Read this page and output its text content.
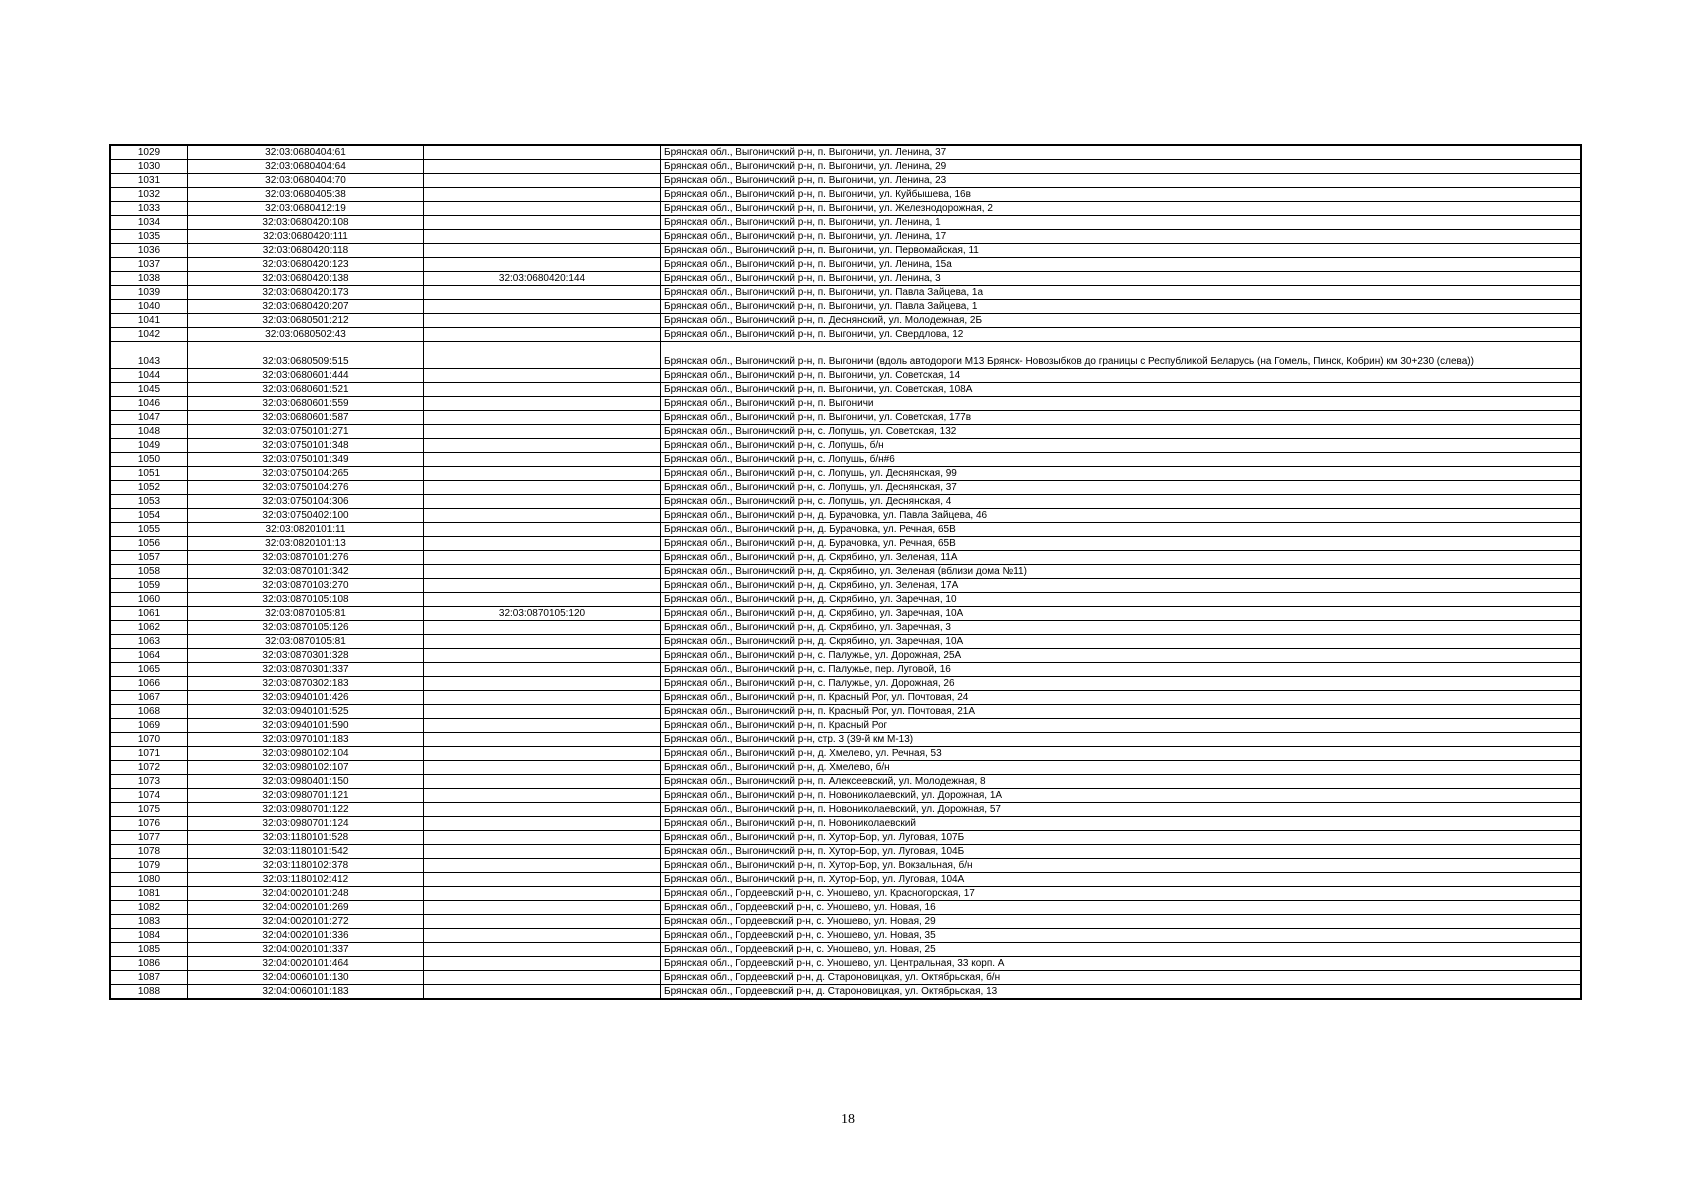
1029	32:03:0680404:61		Брянская обл., Выгоничский р-н, п. Выгоничи, ул. Ленина, 37
1030	32:03:0680404:64		Брянская обл., Выгоничский р-н, п. Выгоничи, ул. Ленина, 29
1031	32:03:0680404:70		Брянская обл., Выгоничский р-н, п. Выгоничи, ул. Ленина, 23
1032	32:03:0680405:38		Брянская обл., Выгоничский р-н, п. Выгоничи, ул. Куйбышева, 16в
1033	32:03:0680412:19		Брянская обл., Выгоничский р-н, п. Выгоничи, ул. Железнодорожная, 2
1034	32:03:0680420:108		Брянская обл., Выгоничский р-н, п. Выгоничи, ул. Ленина, 1
1035	32:03:0680420:111		Брянская обл., Выгоничский р-н, п. Выгоничи, ул. Ленина, 17
1036	32:03:0680420:118		Брянская обл., Выгоничский р-н, п. Выгоничи, ул. Первомайская, 11
1037	32:03:0680420:123		Брянская обл., Выгоничский р-н, п. Выгоничи, ул. Ленина, 15а
1038	32:03:0680420:138	32:03:0680420:144	Брянская обл., Выгоничский р-н, п. Выгоничи, ул. Ленина, 3
1039	32:03:0680420:173		Брянская обл., Выгоничский р-н, п. Выгоничи, ул. Павла Зайцева, 1а
1040	32:03:0680420:207		Брянская обл., Выгоничский р-н, п. Выгоничи, ул. Павла Зайцева, 1
1041	32:03:0680501:212		Брянская обл., Выгоничский р-н, п. Деснянский, ул. Молодежная, 2Б
1042	32:03:0680502:43		Брянская обл., Выгоничский р-н, п. Выгоничи, ул. Свердлова, 12
1043	32:03:0680509:515		Брянская обл., Выгоничский р-н, п. Выгоничи (вдоль автодороги М13 Брянск- Новозыбков до границы с Республикой Беларусь (на Гомель, Пинск, Кобрин) км 30+230 (слева))
1044	32:03:0680601:444		Брянская обл., Выгоничский р-н, п. Выгоничи, ул. Советская, 14
1045	32:03:0680601:521		Брянская обл., Выгоничский р-н, п. Выгоничи, ул. Советская, 108А
1046	32:03:0680601:559		Брянская обл., Выгоничский р-н, п. Выгоничи
1047	32:03:0680601:587		Брянская обл., Выгоничский р-н, п. Выгоничи, ул. Советская, 177в
1048	32:03:0750101:271		Брянская обл., Выгоничский р-н, с. Лопушь, ул. Советская, 132
1049	32:03:0750101:348		Брянская обл., Выгоничский р-н, с. Лопушь, б/н
1050	32:03:0750101:349		Брянская обл., Выгоничский р-н, с. Лопушь, б/н#6
1051	32:03:0750104:265		Брянская обл., Выгоничский р-н, с. Лопушь, ул. Деснянская, 99
1052	32:03:0750104:276		Брянская обл., Выгоничский р-н, с. Лопушь, ул. Деснянская, 37
1053	32:03:0750104:306		Брянская обл., Выгоничский р-н, с. Лопушь, ул. Деснянская, 4
1054	32:03:0750402:100		Брянская обл., Выгоничский р-н, д. Бурачовка, ул. Павла Зайцева, 46
1055	32:03:0820101:11		Брянская обл., Выгоничский р-н, д. Бурачовка, ул. Речная, 65В
1056	32:03:0820101:13		Брянская обл., Выгоничский р-н, д. Бурачовка, ул. Речная, 65В
1057	32:03:0870101:276		Брянская обл., Выгоничский р-н, д. Скрябино, ул. Зеленая, 11А
1058	32:03:0870101:342		Брянская обл., Выгоничский р-н, д. Скрябино, ул. Зеленая (вблизи дома №11)
1059	32:03:0870103:270		Брянская обл., Выгоничский р-н, д. Скрябино, ул. Зеленая, 17А
1060	32:03:0870105:108		Брянская обл., Выгоничский р-н, д. Скрябино, ул. Заречная, 10
1061	32:03:0870105:81	32:03:0870105:120	Брянская обл., Выгоничский р-н, д. Скрябино, ул. Заречная, 10А
1062	32:03:0870105:126		Брянская обл., Выгоничский р-н, д. Скрябино, ул. Заречная, 3
1063	32:03:0870105:81		Брянская обл., Выгоничский р-н, д. Скрябино, ул. Заречная, 10А
1064	32:03:0870301:328		Брянская обл., Выгоничский р-н, с. Палужье, ул. Дорожная, 25А
1065	32:03:0870301:337		Брянская обл., Выгоничский р-н, с. Палужье, пер. Луговой, 16
1066	32:03:0870302:183		Брянская обл., Выгоничский р-н, с. Палужье, ул. Дорожная, 26
1067	32:03:0940101:426		Брянская обл., Выгоничский р-н, п. Красный Рог, ул. Почтовая, 24
1068	32:03:0940101:525		Брянская обл., Выгоничский р-н, п. Красный Рог, ул. Почтовая, 21А
1069	32:03:0940101:590		Брянская обл., Выгоничский р-н, п. Красный Рог
1070	32:03:0970101:183		Брянская обл., Выгоничский р-н, стр. 3 (39-й км М-13)
1071	32:03:0980102:104		Брянская обл., Выгоничский р-н, д. Хмелево, ул. Речная, 53
1072	32:03:0980102:107		Брянская обл., Выгоничский р-н, д. Хмелево, б/н
1073	32:03:0980401:150		Брянская обл., Выгоничский р-н, п. Алексеевский, ул. Молодежная, 8
1074	32:03:0980701:121		Брянская обл., Выгоничский р-н, п. Новониколаевский, ул. Дорожная, 1А
1075	32:03:0980701:122		Брянская обл., Выгоничский р-н, п. Новониколаевский, ул. Дорожная, 57
1076	32:03:0980701:124		Брянская обл., Выгоничский р-н, п. Новониколаевский
1077	32:03:1180101:528		Брянская обл., Выгоничский р-н, п. Хутор-Бор, ул. Луговая, 107Б
1078	32:03:1180101:542		Брянская обл., Выгоничский р-н, п. Хутор-Бор, ул. Луговая, 104Б
1079	32:03:1180102:378		Брянская обл., Выгоничский р-н, п. Хутор-Бор, ул. Вокзальная, б/н
1080	32:03:1180102:412		Брянская обл., Выгоничский р-н, п. Хутор-Бор, ул. Луговая, 104А
1081	32:04:0020101:248		Брянская обл., Гордеевский р-н, с. Уношево, ул. Красногорская, 17
1082	32:04:0020101:269		Брянская обл., Гордеевский р-н, с. Уношево, ул. Новая, 16
1083	32:04:0020101:272		Брянская обл., Гордеевский р-н, с. Уношево, ул. Новая, 29
1084	32:04:0020101:336		Брянская обл., Гордеевский р-н, с. Уношево, ул. Новая, 35
1085	32:04:0020101:337		Брянская обл., Гордеевский р-н, с. Уношево, ул. Новая, 25
1086	32:04:0020101:464		Брянская обл., Гордеевский р-н, с. Уношево, ул. Центральная, 33 корп. А
1087	32:04:0060101:130		Брянская обл., Гордеевский р-н, д. Староновицкая, ул. Октябрьская, б/н
1088	32:04:0060101:183		Брянская обл., Гордеевский р-н, д. Староновицкая, ул. Октябрьская, 13
18
